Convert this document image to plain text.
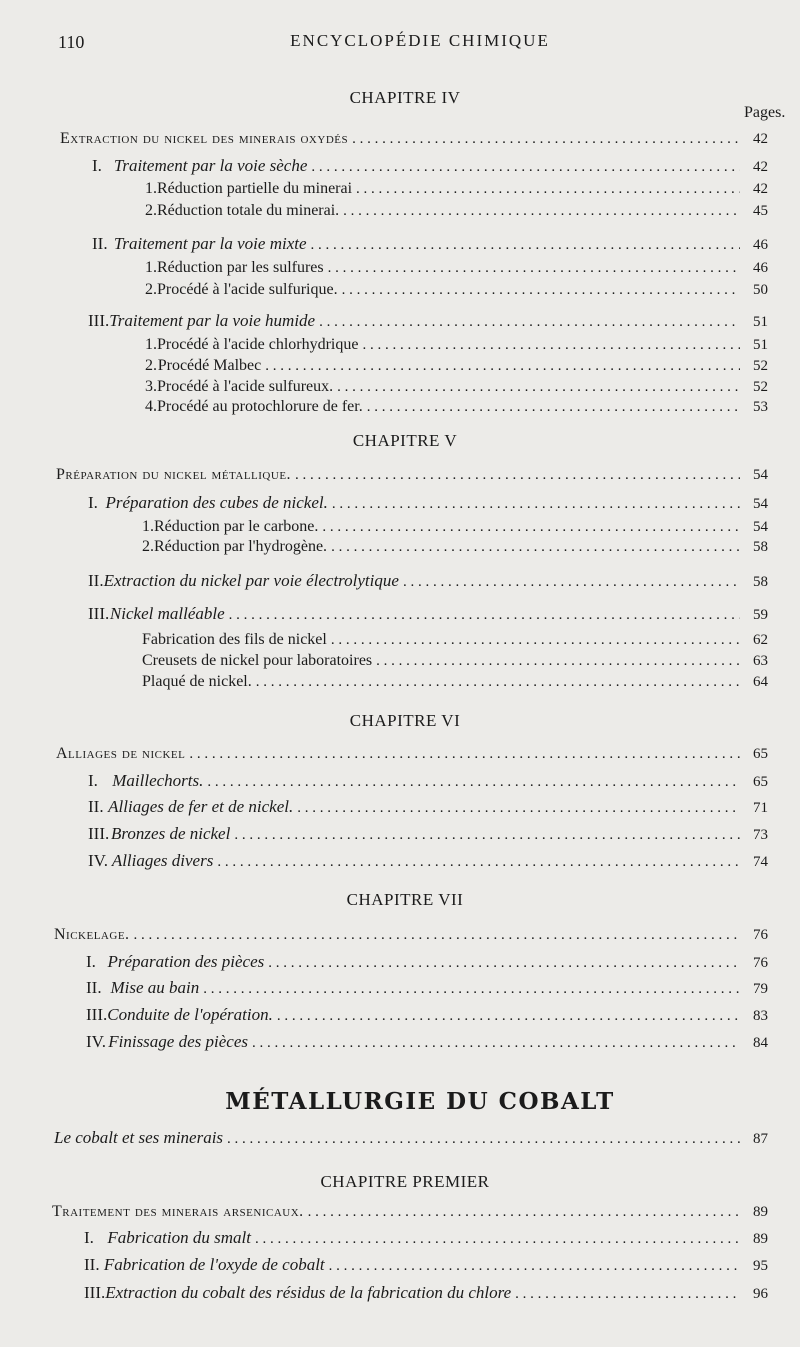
110	ENCYCLOPÉDIE CHIMIQUE
CHAPITRE IV
Pages.
Extraction du nickel des minerais oxydés . . .	42
I. Traitement par la voie sèche . . .	42
1. Réduction partielle du minerai . . .	42
2. Réduction totale du minerai. . . .	45
II. Traitement par la voie mixte . . .	46
1. Réduction par les sulfures . . .	46
2. Procédé à l'acide sulfurique. . . .	50
III. Traitement par la voie humide . . .	51
1. Procédé à l'acide chlorhydrique . . .	51
2. Procédé Malbec . . .	52
3. Procédé à l'acide sulfureux. . . .	52
4. Procédé au protochlorure de fer. . . .	53
CHAPITRE V
Préparation du nickel métallique. . . .	54
I. Préparation des cubes de nickel. . . .	54
1. Réduction par le carbone. . . .	54
2. Réduction par l'hydrogène. . . .	58
II. Extraction du nickel par voie électrolytique . . .	58
III. Nickel malléable . . .	59
Fabrication des fils de nickel . . .	62
Creusets de nickel pour laboratoires . . .	63
Plaqué de nickel. . . .	64
CHAPITRE VI
Alliages de nickel . . .	65
I. Maillechorts. . . .	65
II. Alliages de fer et de nickel. . . .	71
III. Bronzes de nickel . . .	73
IV. Alliages divers . . .	74
CHAPITRE VII
Nickelage. . . .	76
I. Préparation des pièces . . .	76
II. Mise au bain . . .	79
III. Conduite de l'opération. . . .	83
IV. Finissage des pièces . . .	84
MÉTALLURGIE DU COBALT
Le cobalt et ses minerais . . .	87
CHAPITRE PREMIER
Traitement des minerais arsenicaux. . . .	89
I. Fabrication du smalt . . .	89
II. Fabrication de l'oxyde de cobalt . . .	95
III. Extraction du cobalt des résidus de la fabrication du chlore . . .	96
